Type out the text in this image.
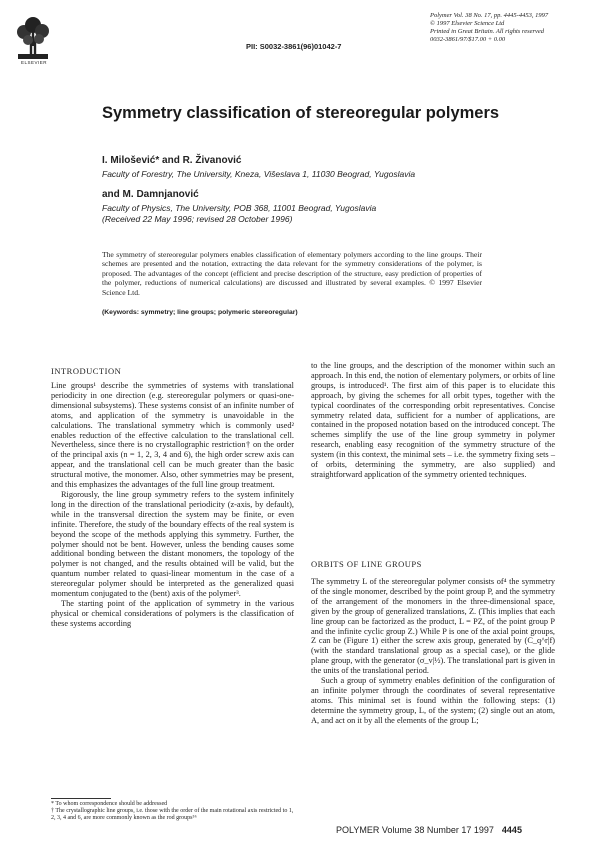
ELSEVIER
Polymer Vol. 38 No. 17, pp. 4445-4453, 1997
© 1997 Elsevier Science Ltd
Printed in Great Britain. All rights reserved
0032-3861/97/$17.00 + 0.00
PII: S0032-3861(96)01042-7
Symmetry classification of stereoregular polymers
I. Milošević* and R. Živanović
Faculty of Forestry, The University, Kneza, Višeslava 1, 11030 Beograd, Yugoslavia
and M. Damnjanović
Faculty of Physics, The University, POB 368, 11001 Beograd, Yugoslavia
(Received 22 May 1996; revised 28 October 1996)
The symmetry of stereoregular polymers enables classification of elementary polymers according to the line groups. Their schemes are presented and the notation, extracting the data relevant for the symmetry considerations of the polymer, is proposed. The advantages of the concept (efficient and precise description of the structure, easy prediction of properties of the polymer, reductions of numerical calculations) are discussed and illustrated by several examples. © 1997 Elsevier Science Ltd.
(Keywords: symmetry; line groups; polymeric stereoregular)
INTRODUCTION

Line groups¹ describe the symmetries of systems with translational periodicity in one direction (e.g. stereoregular polymers or quasi-one-dimensional subsystems). These systems consist of an infinite number of atoms, and application of the symmetry is unavoidable in the calculations. The translational symmetry which is commonly used² enables reduction of the effective calculation to the translational cell. Nevertheless, since there is no crystallographic restriction† on the order of the principal axis (n = 1, 2, 3, 4 and 6), the high order screw axis can appear, and the translational cell can be much greater than the basic structural motive, the monomer. Also, other symmetries may be present, and this emphasizes the advantages of the full line group treatment.

Rigorously, the line group symmetry refers to the system infinitely long in the direction of the translational periodicity (z-axis, by default), while in the transversal direction the system may be finite, or even infinite. Therefore, the study of the boundary effects of the real system is beyond the scope of the methods applying this symmetry. Further, the polymer should not be bent. However, unless the bending causes some additional bonding between the distant monomers, the topology of the polymer is not changed, and the results obtained will be valid, but the quantum number related to quasi-linear momentum in the case of a stereoregular polymer should be interpreted as the generalized quasi momentum conjugated to the (bent) axis of the polymer³.

The starting point of the application of symmetry in the various physical or chemical considerations of polymers is the classification of these systems according

* To whom correspondence should be addressed

† The crystallographic line groups, i.e. those with the order of the main rotational axis restricted to 1, 2, 3, 4 and 6, are more commonly known as the rod groups⁵⁶

to the line groups, and the description of the monomer within such an approach. In this end, the notion of elementary polymers, or orbits of line groups, is introduced¹. The first aim of this paper is to elucidate this approach, by giving the schemes for all orbit types, together with the typical coordinates of the corresponding orbit representatives. Concise symmetry related data, sufficient for a number of applications, are contained in the proposed notation based on the introduced concept. The schemes simplify the use of the line group symmetry in polymer research, enabling easy recognition of the symmetry structure of the system (in this context, the minimal sets – i.e. the symmetry fixing sets – of orbits, determining the symmetry, are also supplied) and straightforward application of the symmetry oriented techniques.

ORBITS OF LINE GROUPS

The symmetry L of the stereoregular polymer consists of⁴ the symmetry of the single monomer, described by the point group P, and the symmetry of the arrangement of the monomers in the three-dimensional space, given by the group of generalized translations, Z. (This implies that each line group can be factorized as the product, L = PZ, of the point group P and the infinite cyclic group Z.) While P is one of the axial point groups, Z can be (Figure 1) either the screw axis group, generated by (C_q^r|f) (with the standard translational group as a special case), or the glide plane group, with the generator (σ_v|½). The translational part is given in the units of the translational period.

Such a group of symmetry enables definition of the configuration of an infinite polymer through the coordinates of several representative atoms. This minimal set is found within the following steps: (1) determine the symmetry group, L, of the system; (2) single out an atom, A, and act on it by all the elements of the group L;

POLYMER Volume 38 Number 17 1997 4445
